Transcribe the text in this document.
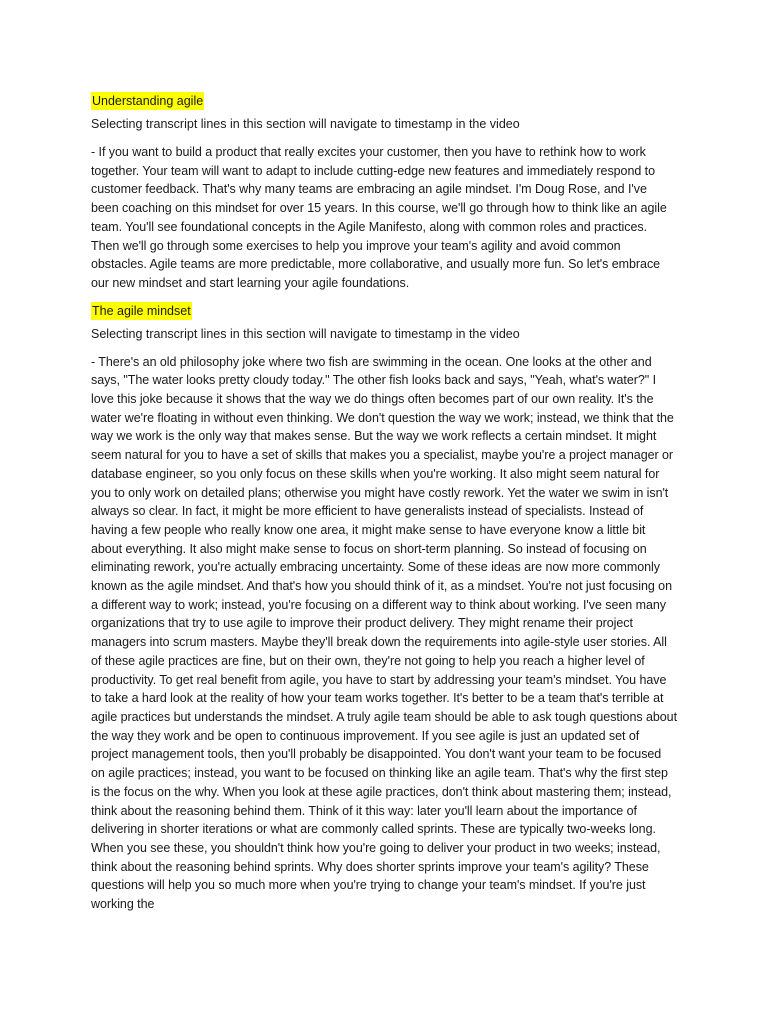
Understanding agile

Selecting transcript lines in this section will navigate to timestamp in the video

- If you want to build a product that really excites your customer, then you have to rethink how to work together. Your team will want to adapt to include cutting-edge new features and immediately respond to customer feedback. That's why many teams are embracing an agile mindset. I'm Doug Rose, and I've been coaching on this mindset for over 15 years. In this course, we'll go through how to think like an agile team. You'll see foundational concepts in the Agile Manifesto, along with common roles and practices. Then we'll go through some exercises to help you improve your team's agility and avoid common obstacles. Agile teams are more predictable, more collaborative, and usually more fun. So let's embrace our new mindset and start learning your agile foundations.

The agile mindset

Selecting transcript lines in this section will navigate to timestamp in the video

- There's an old philosophy joke where two fish are swimming in the ocean. One looks at the other and says, "The water looks pretty cloudy today." The other fish looks back and says, "Yeah, what's water?" I love this joke because it shows that the way we do things often becomes part of our own reality. It's the water we're floating in without even thinking. We don't question the way we work; instead, we think that the way we work is the only way that makes sense. But the way we work reflects a certain mindset. It might seem natural for you to have a set of skills that makes you a specialist, maybe you're a project manager or database engineer, so you only focus on these skills when you're working. It also might seem natural for you to only work on detailed plans; otherwise you might have costly rework. Yet the water we swim in isn't always so clear. In fact, it might be more efficient to have generalists instead of specialists. Instead of having a few people who really know one area, it might make sense to have everyone know a little bit about everything. It also might make sense to focus on short-term planning. So instead of focusing on eliminating rework, you're actually embracing uncertainty. Some of these ideas are now more commonly known as the agile mindset. And that's how you should think of it, as a mindset. You're not just focusing on a different way to work; instead, you're focusing on a different way to think about working. I've seen many organizations that try to use agile to improve their product delivery. They might rename their project managers into scrum masters. Maybe they'll break down the requirements into agile-style user stories. All of these agile practices are fine, but on their own, they're not going to help you reach a higher level of productivity. To get real benefit from agile, you have to start by addressing your team's mindset. You have to take a hard look at the reality of how your team works together. It's better to be a team that's terrible at agile practices but understands the mindset. A truly agile team should be able to ask tough questions about the way they work and be open to continuous improvement. If you see agile is just an updated set of project management tools, then you'll probably be disappointed. You don't want your team to be focused on agile practices; instead, you want to be focused on thinking like an agile team. That's why the first step is the focus on the why. When you look at these agile practices, don't think about mastering them; instead, think about the reasoning behind them. Think of it this way: later you'll learn about the importance of delivering in shorter iterations or what are commonly called sprints. These are typically two-weeks long. When you see these, you shouldn't think how you're going to deliver your product in two weeks; instead, think about the reasoning behind sprints. Why does shorter sprints improve your team's agility? These questions will help you so much more when you're trying to change your team's mindset. If you're just working the
